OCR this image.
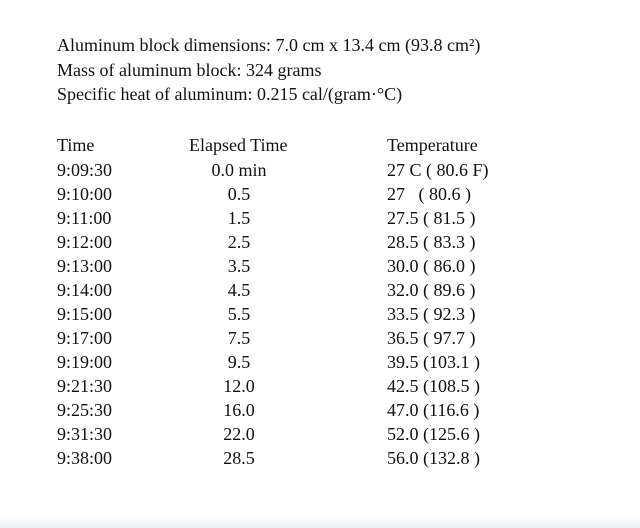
Aluminum block dimensions: 7.0 cm x 13.4 cm (93.8 cm²)
Mass of aluminum block: 324 grams
Specific heat of aluminum: 0.215 cal/(gram·°C)
Time	Elapsed Time	Temperature
9:09:30	0.0 min	27 C ( 80.6 F)
9:10:00	0.5	27   ( 80.6 )
9:11:00	1.5	27.5 ( 81.5 )
9:12:00	2.5	28.5 ( 83.3 )
9:13:00	3.5	30.0 ( 86.0 )
9:14:00	4.5	32.0 ( 89.6 )
9:15:00	5.5	33.5 ( 92.3 )
9:17:00	7.5	36.5 ( 97.7 )
9:19:00	9.5	39.5 (103.1 )
9:21:30	12.0	42.5 (108.5 )
9:25:30	16.0	47.0 (116.6 )
9:31:30	22.0	52.0 (125.6 )
9:38:00	28.5	56.0 (132.8 )
